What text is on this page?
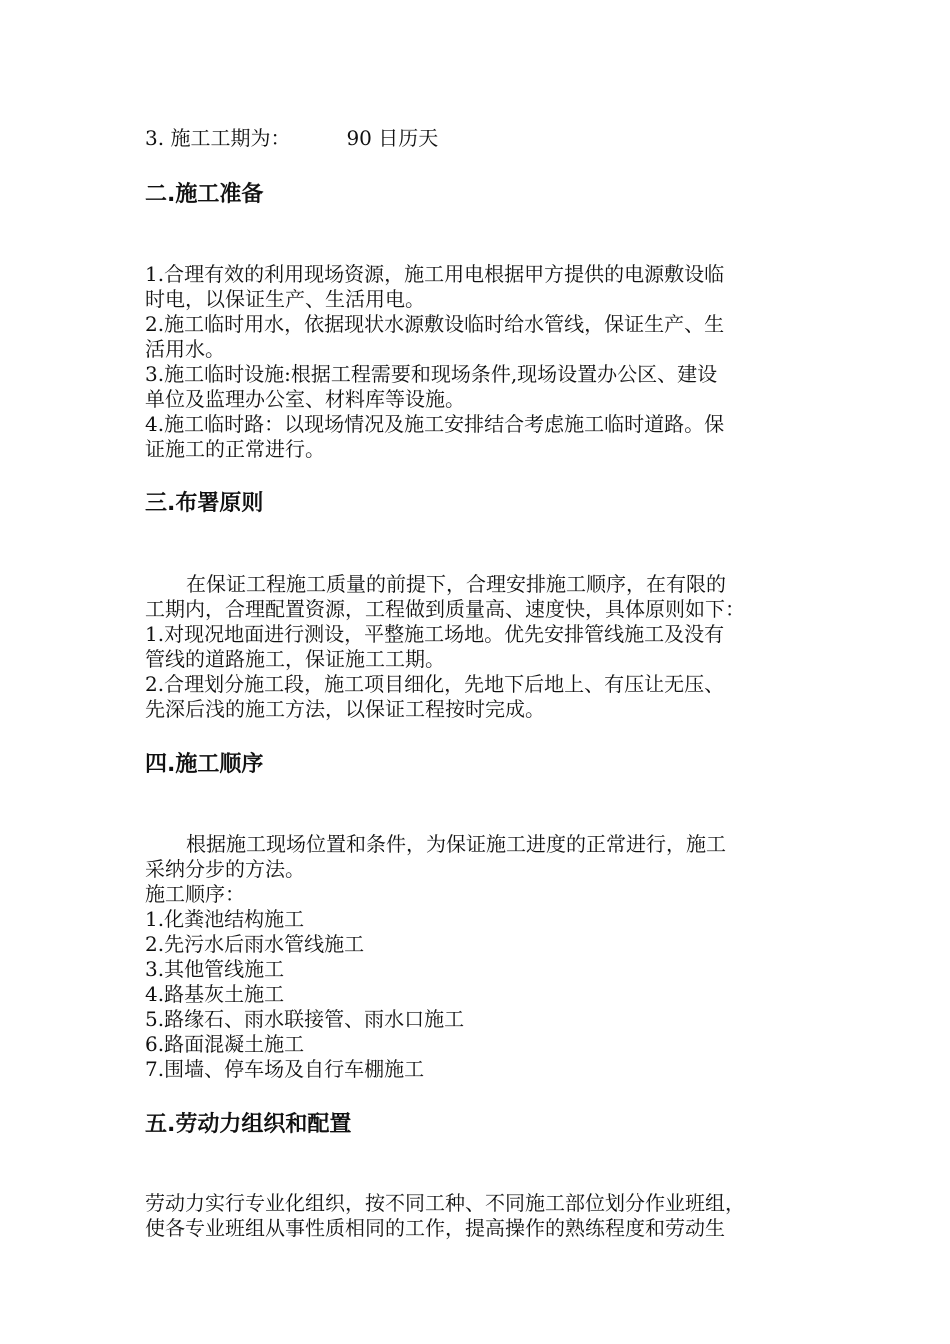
3. 施工工期为：	90 日历天
二.施工准备
1.合理有效的利用现场资源，施工用电根据甲方提供的电源敷设临
时电，以保证生产、生活用电。
2.施工临时用水，依据现状水源敷设临时给水管线，保证生产、生
活用水。
3.施工临时设施:根据工程需要和现场条件,现场设置办公区、建设
单位及监理办公室、材料库等设施。
4.施工临时路：以现场情况及施工安排结合考虑施工临时道路。保
证施工的正常进行。
三.布署原则
在保证工程施工质量的前提下，合理安排施工顺序，在有限的
工期内，合理配置资源，工程做到质量高、速度快，具体原则如下：
1.对现况地面进行测设，平整施工场地。优先安排管线施工及没有
管线的道路施工，保证施工工期。
2.合理划分施工段，施工项目细化，先地下后地上、有压让无压、
先深后浅的施工方法，以保证工程按时完成。
四.施工顺序
根据施工现场位置和条件，为保证施工进度的正常进行，施工
采纳分步的方法。
施工顺序：
1.化粪池结构施工
2.先污水后雨水管线施工
3.其他管线施工
4.路基灰土施工
5.路缘石、雨水联接管、雨水口施工
6.路面混凝土施工
7.围墙、停车场及自行车棚施工
五.劳动力组织和配置
劳动力实行专业化组织，按不同工种、不同施工部位划分作业班组，
使各专业班组从事性质相同的工作，提高操作的熟练程度和劳动生
